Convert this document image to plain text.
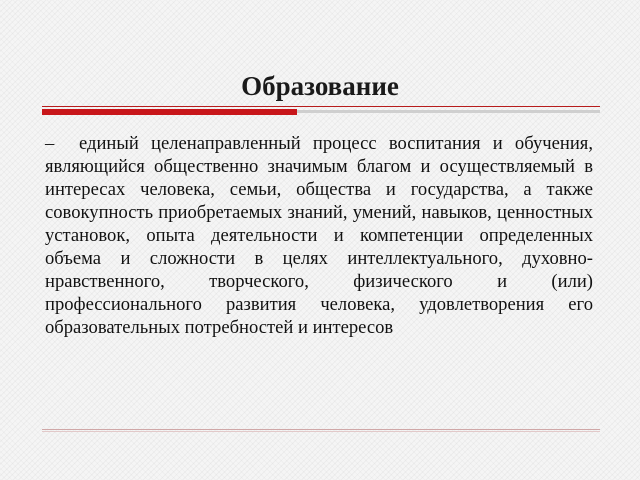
Образование

– единый целенаправленный процесс воспитания и обучения, являющийся общественно значимым благом и осуществляемый в интересах человека, семьи, общества и государства, а также совокупность приобретаемых знаний, умений, навыков, ценностных установок, опыта деятельности и компетенции определенных объема и сложности в целях интеллектуального, духовно-нравственного, творческого, физического и (или) профессионального развития человека, удовлетворения его образовательных потребностей и интересов
